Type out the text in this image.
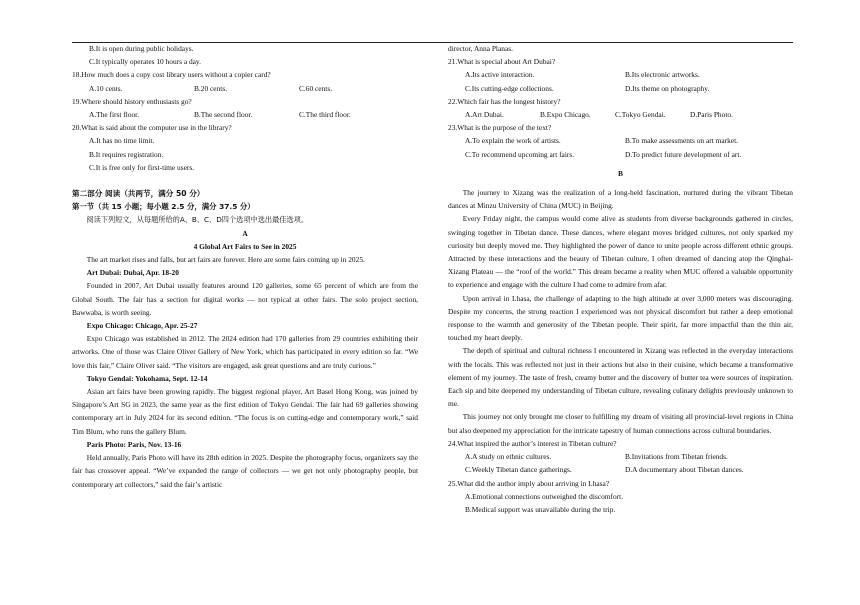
B.It is open during public holidays.
C.It typically operates 10 hours a day.
18.How much does a copy cost library users without a copier card?
A.10 cents.	B.20 cents.	C.60 cents.
19.Where should history enthusiasts go?
A.The first floor.	B.The second floor.	C.The third floor.
20.What is said about the computer use in the library?
A.It has no time limit.
B.It requires registration.
C.It is free only for first-time users.
第二部分 阅读（共两节，满分 50 分）
第一节（共 15 小题；每小题 2.5 分，满分 37.5 分）
阅读下列短文，从每题所给的A、B、C、D四个选项中选出最佳选项。
A
4 Global Art Fairs to See in 2025

The art market rises and falls, but art fairs are forever. Here are some fairs coming up in 2025.

Art Dubai: Dubai, Apr. 18-20

Founded in 2007, Art Dubai usually features around 120 galleries, some 65 percent of which are from the Global South. The fair has a section for digital works — not typical at other fairs. The solo project section, Bawwaba, is worth seeing.

Expo Chicago: Chicago, Apr. 25-27

Expo Chicago was established in 2012. The 2024 edition had 170 galleries from 29 countries exhibiting their artworks. One of those was Claire Oliver Gallery of New York, which has participated in every edition so far. “We love this fair,” Claire Oliver said. “The visitors are engaged, ask great questions and are truly curious.”

Tokyo Gendai: Yokohama, Sept. 12-14

Asian art fairs have been growing rapidly. The biggest regional player, Art Basel Hong Kong, was joined by Singapore’s Art SG in 2023, the same year as the first edition of Tokyo Gendai. The fair had 69 galleries showing contemporary art in July 2024 for its second edition. “The focus is on cutting-edge and contemporary work,” said Tim Blum, who runs the gallery Blum.

Paris Photo: Paris, Nov. 13-16

Held annually, Paris Photo will have its 28th edition in 2025. Despite the photography focus, organizers say the fair has crossover appeal. “We’ve expanded the range of collectors — we get not only photography people, but contemporary art collectors,” said the fair’s artistic

director, Anna Planas.
21.What is special about Art Dubai?
A.Its active interaction.	B.Its electronic artworks.
C.Its cutting-edge collections.	D.Its theme on photography.
22.Which fair has the longest history?
A.Art Dubai.	B.Expo Chicago.	C.Tokyo Gendai.	D.Paris Photo.
23.What is the purpose of the text?
A.To explain the work of artists.	B.To make assessments on art market.
C.To recommend upcoming art fairs.	D.To predict future development of art.
B

The journey to Xizang was the realization of a long-held fascination, nurtured during the vibrant Tibetan dances at Minzu University of China (MUC) in Beijing.

Every Friday night, the campus would come alive as students from diverse backgrounds gathered in circles, swinging together in Tibetan dance. These dances, where elegant moves bridged cultures, not only sparked my curiosity but deeply moved me. They highlighted the power of dance to unite people across different ethnic groups. Attracted by these interactions and the beauty of Tibetan culture, I often dreamed of dancing atop the Qinghai-Xizang Plateau — the “roof of the world.” This dream became a reality when MUC offered a valuable opportunity to experience and engage with the culture I had come to admire from afar.

Upon arrival in Lhasa, the challenge of adapting to the high altitude at over 3,000 meters was discouraging. Despite my concerns, the strong reaction I experienced was not physical discomfort but rather a deep emotional response to the warmth and generosity of the Tibetan people. Their spirit, far more impactful than the thin air, touched my heart deeply.

The depth of spiritual and cultural richness I encountered in Xizang was reflected in the everyday interactions with the locals. This was reflected not just in their actions but also in their cuisine, which became a transformative element of my journey. The taste of fresh, creamy butter and the discovery of butter tea were sources of inspiration. Each sip and bite deepened my understanding of Tibetan culture, revealing culinary delights previously unknown to me.

This journey not only brought me closer to fulfilling my dream of visiting all provincial-level regions in China but also deepened my appreciation for the intricate tapestry of human connections across cultural boundaries.

24.What inspired the author’s interest in Tibetan culture?
A.A study on ethnic cultures.	B.Invitations from Tibetan friends.
C.Weekly Tibetan dance gatherings.	D.A documentary about Tibetan dances.
25.What did the author imply about arriving in Lhasa?
A.Emotional connections outweighed the discomfort.
B.Medical support was unavailable during the trip.
